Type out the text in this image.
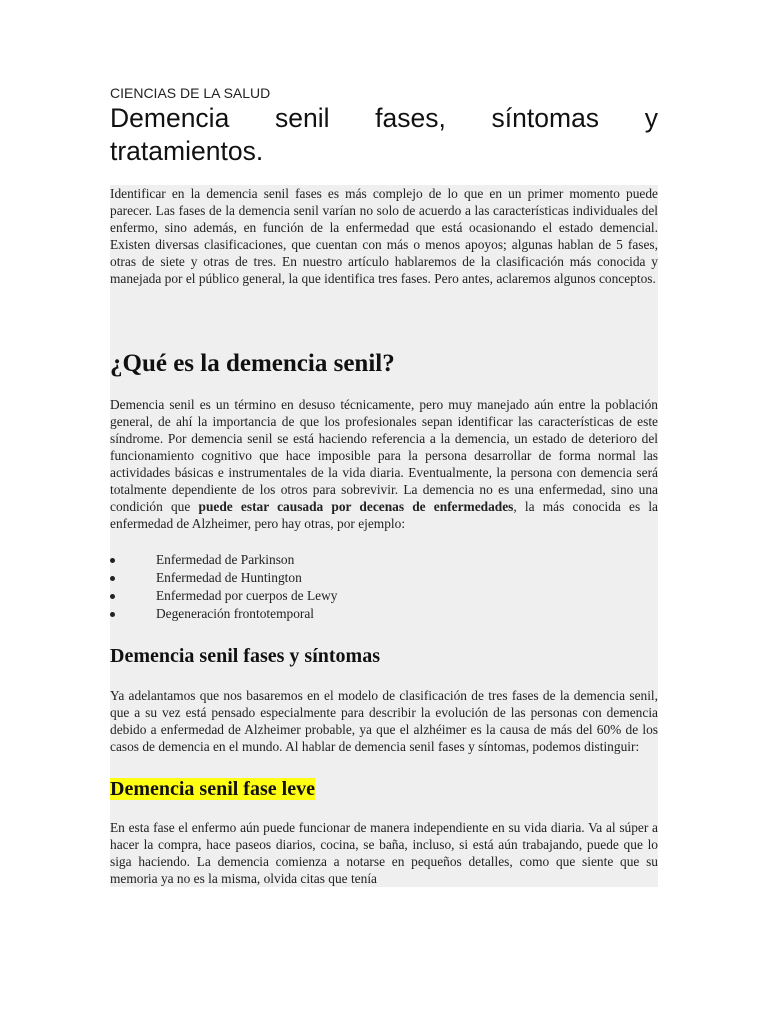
CIENCIAS DE LA SALUD

Demencia senil fases, síntomas y
tratamientos.

Identificar en la demencia senil fases es más complejo de lo que en un primer momento puede parecer. Las fases de la demencia senil varían no solo de acuerdo a las características individuales del enfermo, sino además, en función de la enfermedad que está ocasionando el estado demencial. Existen diversas clasificaciones, que cuentan con más o menos apoyos; algunas hablan de 5 fases, otras de siete y otras de tres. En nuestro artículo hablaremos de la clasificación más conocida y manejada por el público general, la que identifica tres fases. Pero antes, aclaremos algunos conceptos.

¿Qué es la demencia senil?

Demencia senil es un término en desuso técnicamente, pero muy manejado aún entre la población general, de ahí la importancia de que los profesionales sepan identificar las características de este síndrome. Por demencia senil se está haciendo referencia a la demencia, un estado de deterioro del funcionamiento cognitivo que hace imposible para la persona desarrollar de forma normal las actividades básicas e instrumentales de la vida diaria. Eventualmente, la persona con demencia será totalmente dependiente de los otros para sobrevivir. La demencia no es una enfermedad, sino una condición que puede estar causada por decenas de enfermedades, la más conocida es la enfermedad de Alzheimer, pero hay otras, por ejemplo:

Enfermedad de Parkinson
Enfermedad de Huntington
Enfermedad por cuerpos de Lewy
Degeneración frontotemporal
Demencia senil fases y síntomas

Ya adelantamos que nos basaremos en el modelo de clasificación de tres fases de la demencia senil, que a su vez está pensado especialmente para describir la evolución de las personas con demencia debido a enfermedad de Alzheimer probable, ya que el alzhéimer es la causa de más del 60% de los casos de demencia en el mundo. Al hablar de demencia senil fases y síntomas, podemos distinguir:

Demencia senil fase leve

En esta fase el enfermo aún puede funcionar de manera independiente en su vida diaria. Va al súper a hacer la compra, hace paseos diarios, cocina, se baña, incluso, si está aún trabajando, puede que lo siga haciendo. La demencia comienza a notarse en pequeños detalles, como que siente que su memoria ya no es la misma, olvida citas que tenía
